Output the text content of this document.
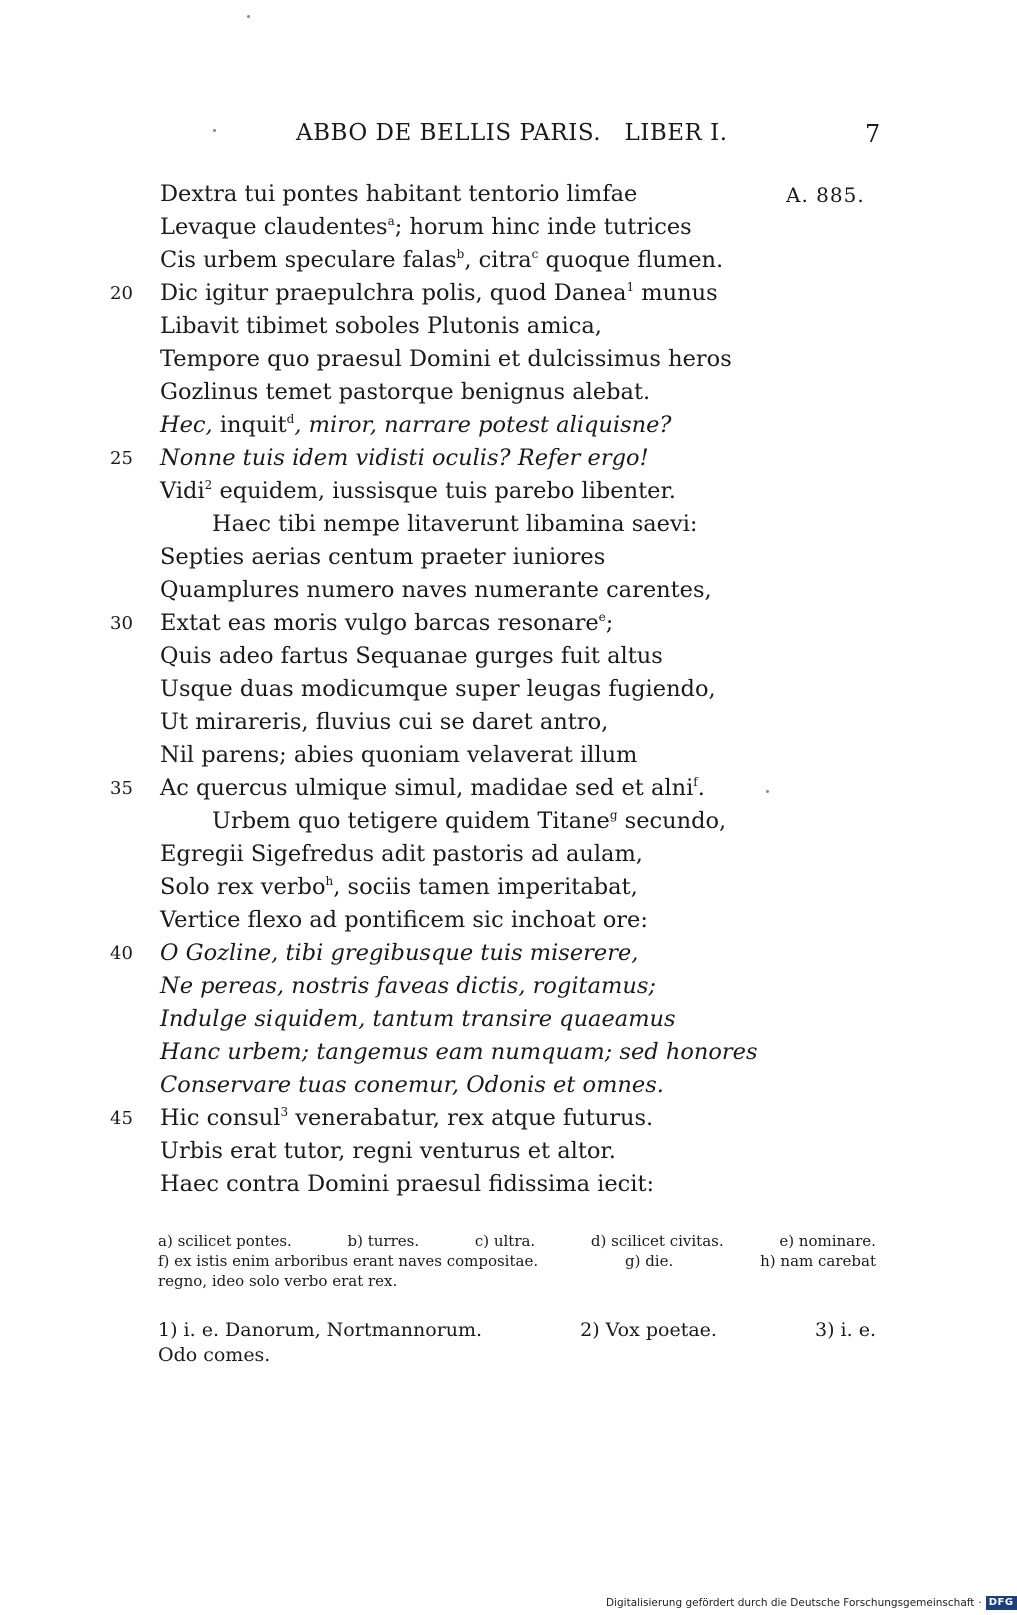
ABBO DE BELLIS PARIS.   LIBER I.	7
A. 885.
Dextra tui pontes habitant tentorio limfae
Levaque claudentes$^a$; horum hinc inde tutrices
Cis urbem speculare falas$^b$, citra$^c$ quoque flumen.
20	Dic igitur praepulchra polis, quod Danea$^1$ munus
Libavit tibimet soboles Plutonis amica,
Tempore quo praesul Domini et dulcissimus heros
Gozlinus temet pastorque benignus alebat.
Hec, inquit$^d$, miror, narrare potest aliquisne?
25	Nonne tuis idem vidisti oculis? Refer ergo!
Vidi$^2$ equidem, iussisque tuis parebo libenter.
Haec tibi nempe litaverunt libamina saevi:
Septies aerias centum praeter iuniores
Quamplures numero naves numerante carentes,
30	Extat eas moris vulgo barcas resonare$^e$;
Quis adeo fartus Sequanae gurges fuit altus
Usque duas modicumque super leugas fugiendo,
Ut mirareris, fluvius cui se daret antro,
Nil parens; abies quoniam velaverat illum
35	Ac quercus ulmique simul, madidae sed et alni$^f$.
Urbem quo tetigere quidem Titane$^g$ secundo,
Egregii Sigefredus adit pastoris ad aulam,
Solo rex verbo$^h$, sociis tamen imperitabat,
Vertice flexo ad pontificem sic inchoat ore:
40	O Gozline, tibi gregibusque tuis miserere,
Ne pereas, nostris faveas dictis, rogitamus;
Indulge siquidem, tantum transire quaeamus
Hanc urbem; tangemus eam numquam; sed honores
Conservare tuas conemur, Odonis et omnes.
45	Hic consul$^3$ venerabatur, rex atque futurus.
Urbis erat tutor, regni venturus et altor.
Haec contra Domini praesul fidissima iecit:
a) scilicet pontes.	b) turres.	c) ultra.	d) scilicet civitas.	e) nominare.
f) ex istis enim arboribus erant naves compositae.	g) die.	h) nam carebat
regno, ideo solo verbo erat rex.
1) i. e. Danorum, Nortmannorum.	2) Vox poetae.	3) i. e.
Odo comes.
Digitalisierung gefördert durch die Deutsche Forschungsgemeinschaft · DFG
